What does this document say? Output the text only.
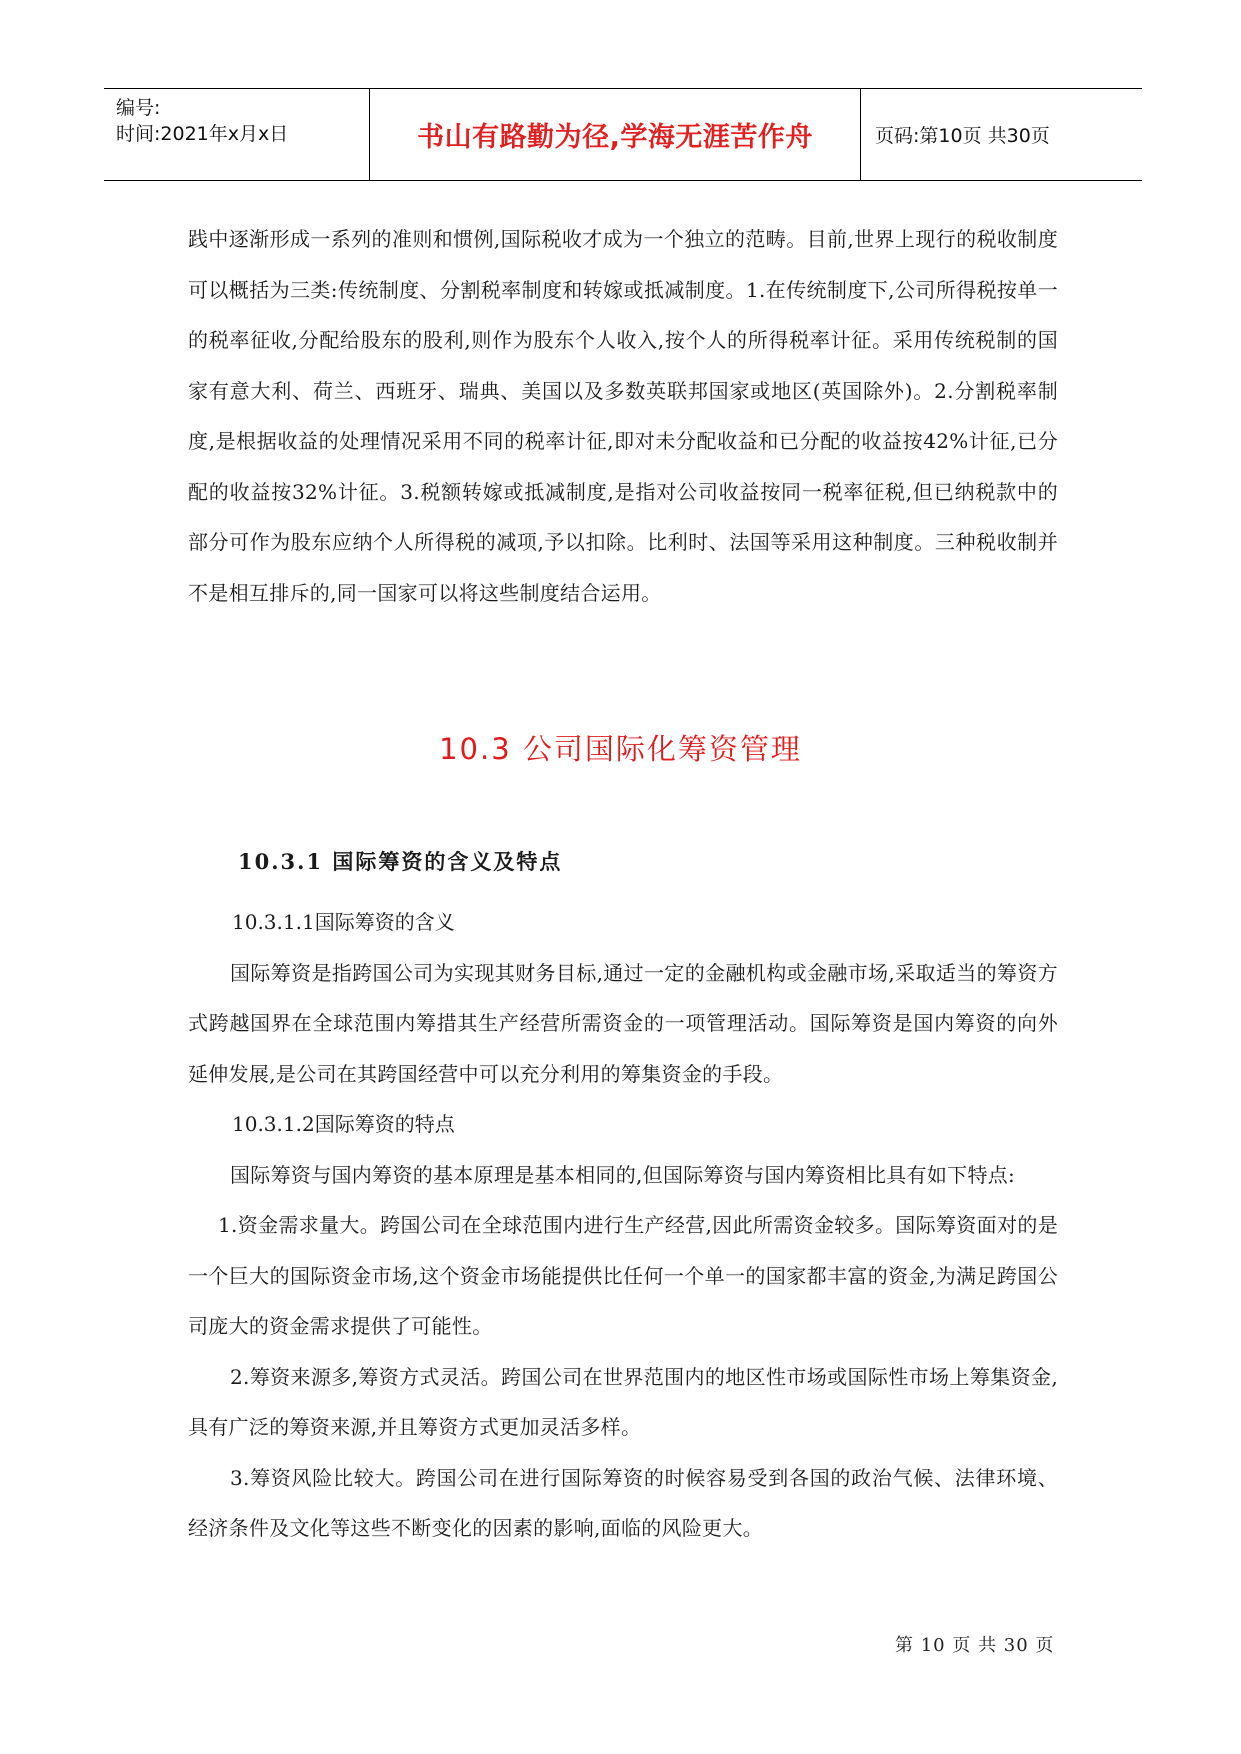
编号:
时间:2021年x月x日	书山有路勤为径,学海无涯苦作舟	页码:第10页 共30页

践中逐渐形成一系列的准则和惯例,国际税收才成为一个独立的范畴。目前,世界上现行的税收制度可以概括为三类:传统制度、分割税率制度和转嫁或抵减制度。1.在传统制度下,公司所得税按单一的税率征收,分配给股东的股利,则作为股东个人收入,按个人的所得税率计征。采用传统税制的国家有意大利、荷兰、西班牙、瑞典、美国以及多数英联邦国家或地区(英国除外)。2.分割税率制度,是根据收益的处理情况采用不同的税率计征,即对未分配收益和已分配的收益按42%计征,已分配的收益按32%计征。3.税额转嫁或抵减制度,是指对公司收益按同一税率征税,但已纳税款中的部分可作为股东应纳个人所得税的减项,予以扣除。比利时、法国等采用这种制度。三种税收制并不是相互排斥的,同一国家可以将这些制度结合运用。

10.3 公司国际化筹资管理
10.3.1 国际筹资的含义及特点

10.3.1.1国际筹资的含义

国际筹资是指跨国公司为实现其财务目标,通过一定的金融机构或金融市场,采取适当的筹资方式跨越国界在全球范围内筹措其生产经营所需资金的一项管理活动。国际筹资是国内筹资的向外延伸发展,是公司在其跨国经营中可以充分利用的筹集资金的手段。

10.3.1.2国际筹资的特点

国际筹资与国内筹资的基本原理是基本相同的,但国际筹资与国内筹资相比具有如下特点:

1.资金需求量大。跨国公司在全球范围内进行生产经营,因此所需资金较多。国际筹资面对的是一个巨大的国际资金市场,这个资金市场能提供比任何一个单一的国家都丰富的资金,为满足跨国公司庞大的资金需求提供了可能性。

2.筹资来源多,筹资方式灵活。跨国公司在世界范围内的地区性市场或国际性市场上筹集资金,具有广泛的筹资来源,并且筹资方式更加灵活多样。

3.筹资风险比较大。跨国公司在进行国际筹资的时候容易受到各国的政治气候、法律环境、经济条件及文化等这些不断变化的因素的影响,面临的风险更大。

第 10 页 共 30 页
